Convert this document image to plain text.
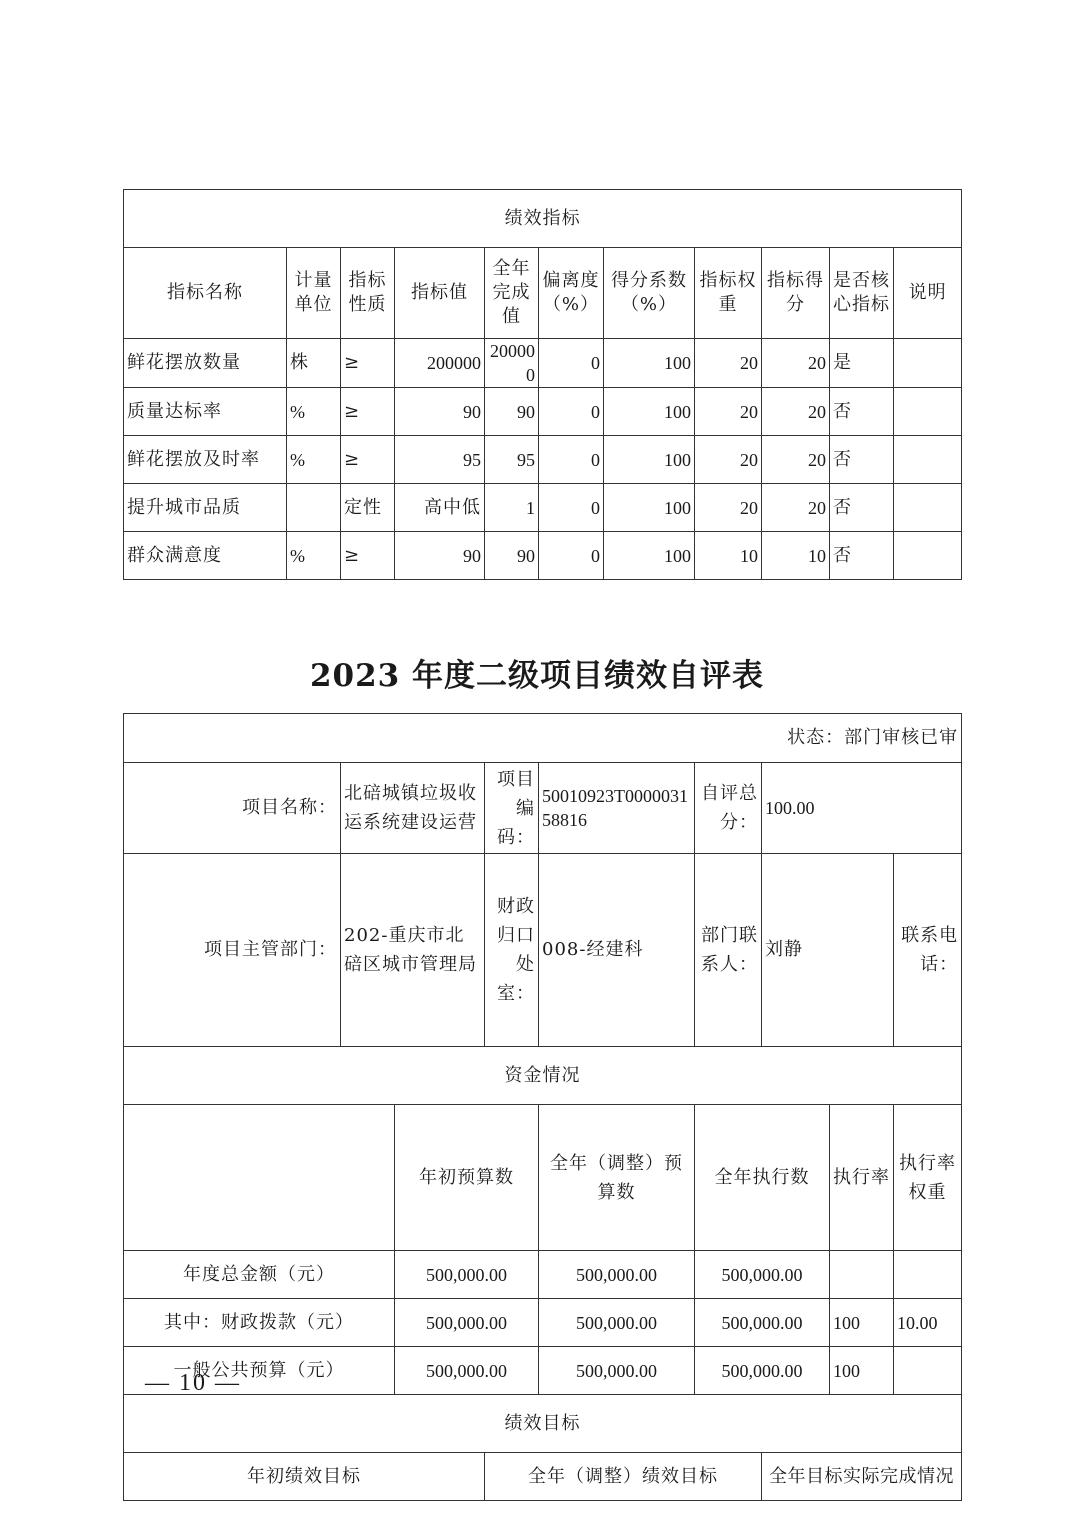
绩效指标										
指标名称	计量单位	指标性质	指标值	全年完成值	偏离度（%）	得分系数（%）	指标权重	指标得分	是否核心指标	说明
鲜花摆放数量	株	≥	200000	200000	0	100	20	20	是	
质量达标率	%	≥	90	90	0	100	20	20	否	
鲜花摆放及时率	%	≥	95	95	0	100	20	20	否	
提升城市品质		定性	高中低	1	0	100	20	20	否	
群众满意度	%	≥	90	90	0	100	10	10	否	
2023 年度二级项目绩效自评表
状态：部门审核已审									
项目名称：	北碚城镇垃圾收运系统建设运营		项目编码：	500109​23T000003158816	自评总分：	100.00			
项目主管部门：	202-重庆市北碚区城市管理局		财政归口处室：	008-经建科	部门联系人：	刘静		联系电话：	
资金情况									
		年初预算数		全年（调整）预算数	全年执行数		执行率	执行率权重	
年度总金额（元）		500,000.00		500,000.00	500,000.00				
其中：财政拨款（元）		500,000.00		500,000.00	500,000.00		100	10.00	
一般公共预算（元）		500,000.00		500,000.00	500,000.00		100		
绩效目标									
年初绩效目标			全年（调整）绩效目标			全年目标实际完成情况			
— 10 —
